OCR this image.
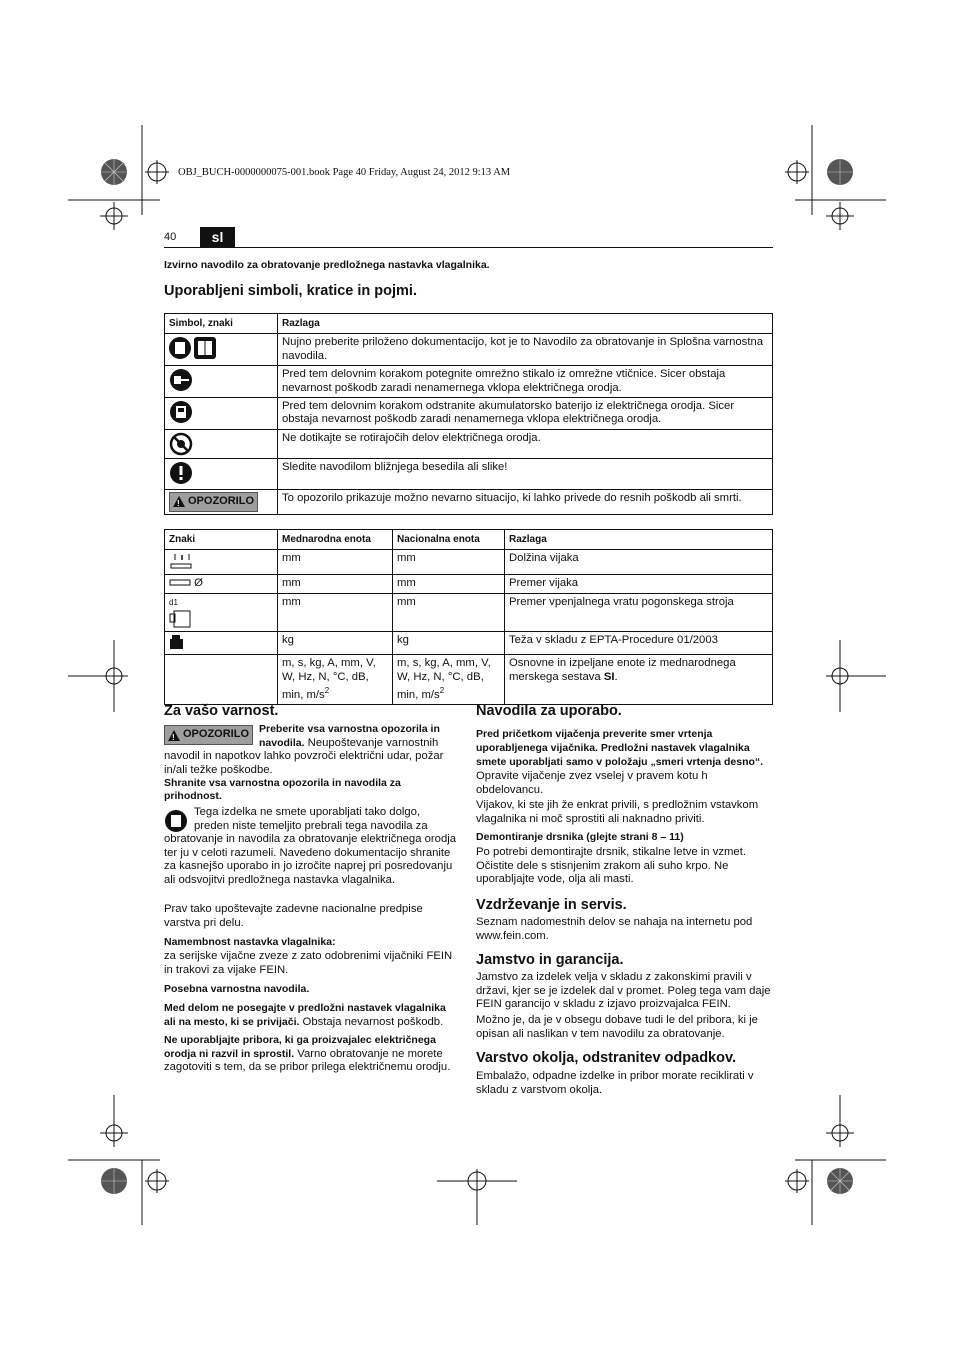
OBJ_BUCH-0000000075-001.book Page 40 Friday, August 24, 2012 9:13 AM
40	sl
Izvirno navodilo za obratovanje predložnega nastavka vlagalnika.
Uporabljeni simboli, kratice in pojmi.
Simbol, znaki	Razlaga
	Nujno preberite priloženo dokumentacijo, kot je to Navodilo za obratovanje in Splošna varnostna navodila.
	Pred tem delovnim korakom potegnite omrežno stikalo iz omrežne vtičnice. Sicer obstaja nevarnost poškodb zaradi nenamernega vklopa električnega orodja.
	Pred tem delovnim korakom odstranite akumulatorsko baterijo iz električnega orodja. Sicer obstaja nevarnost poškodb zaradi nenamernega vklopa električnega orodja.
	Ne dotikajte se rotirajočih delov električnega orodja.
	Sledite navodilom bližnjega besedila ali slike!

!
OPOZORILO	To opozorilo prikazuje možno nevarno situacijo, ki lahko privede do resnih poškodb ali smrti.
Znaki	Mednarodna enota	Nacionalna enota	Razlaga
	mm	mm	Dolžina vijaka
Ø	mm	mm	Premer vijaka
d1	mm	mm	Premer vpenjalnega vratu pogonskega stroja
	kg	kg	Teža v skladu z EPTA-Procedure 01/2003
	m, s, kg, A, mm, V, W, Hz, N, °C, dB, min, $m/s^2$	m, s, kg, A, mm, V, W, Hz, N, °C, dB, min, $m/s^2$	Osnovne in izpeljane enote iz mednarodnega merskega sestava SI.
Za vašo varnost.
!
OPOZORILO Preberite vsa varnostna opozorila in navodila. Neupoštevanje varnostnih navodil in napotkov lahko povzroči električni udar, požar in/ali težke poškodbe.
Shranite vsa varnostna opozorila in navodila za prihodnost.
Tega izdelka ne smete uporabljati tako dolgo, preden niste temeljito prebrali tega navodila za obratovanje in navodila za obratovanje električnega orodja ter ju v celoti razumeli. Navedeno dokumentacijo shranite za kasnejšo uporabo in jo izročite naprej pri posredovanju ali odsvojitvi predložnega nastavka vlagalnika.
Prav tako upoštevajte zadevne nacionalne predpise varstva pri delu.
Namembnost nastavka vlagalnika:
za serijske vijačne zveze z zato odobrenimi vijačniki FEIN in trakovi za vijake FEIN.
Posebna varnostna navodila.
Med delom ne posegajte v predložni nastavek vlagalnika ali na mesto, ki se privijači. Obstaja nevarnost poškodb.
Ne uporabljajte pribora, ki ga proizvajalec električnega orodja ni razvil in sprostil. Varno obratovanje ne morete zagotoviti s tem, da se pribor prilega električnemu orodju.
Navodila za uporabo.
Pred pričetkom vijačenja preverite smer vrtenja uporabljenega vijačnika. Predložni nastavek vlagalnika smete uporabljati samo v položaju „smeri vrtenja desno“.
Opravite vijačenje zvez vselej v pravem kotu h obdelovancu.
Vijakov, ki ste jih že enkrat privili, s predložnim vstavkom vlagalnika ni moč sprostiti ali naknadno priviti.
Demontiranje drsnika (glejte strani 8 – 11)
Po potrebi demontirajte drsnik, stikalne letve in vzmet. Očistite dele s stisnjenim zrakom ali suho krpo. Ne uporabljajte vode, olja ali masti.
Vzdrževanje in servis.
Seznam nadomestnih delov se nahaja na internetu pod www.fein.com.
Jamstvo in garancija.
Jamstvo za izdelek velja v skladu z zakonskimi pravili v državi, kjer se je izdelek dal v promet. Poleg tega vam daje FEIN garancijo v skladu z izjavo proizvajalca FEIN.
Možno je, da je v obsegu dobave tudi le del pribora, ki je opisan ali naslikan v tem navodilu za obratovanje.
Varstvo okolja, odstranitev odpadkov.
Embalažo, odpadne izdelke in pribor morate reciklirati v skladu z varstvom okolja.
